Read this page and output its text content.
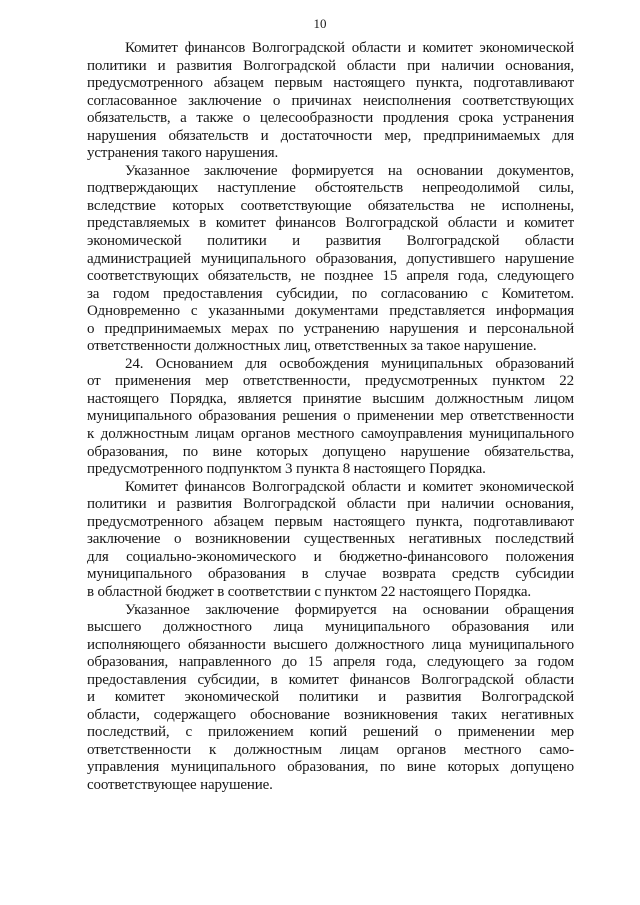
10

Комитет финансов Волгоградской области и комитет экономической
политики и развития Волгоградской области при наличии основания,
предусмотренного абзацем первым настоящего пункта, подготавливают
согласованное заключение о причинах неисполнения соответствующих
обязательств, а также о целесообразности продления срока устранения
нарушения обязательств и достаточности мер, предпринимаемых для
устранения такого нарушения.

Указанное заключение формируется на основании документов,
подтверждающих наступление обстоятельств непреодолимой силы,
вследствие которых соответствующие обязательства не исполнены,
представляемых в комитет финансов Волгоградской области и комитет
экономической политики и развития Волгоградской области
администрацией муниципального образования, допустившего нарушение
соответствующих обязательств, не позднее 15 апреля года, следующего
за годом предоставления субсидии, по согласованию с Комитетом.
Одновременно с указанными документами представляется информация
о предпринимаемых мерах по устранению нарушения и персональной
ответственности должностных лиц, ответственных за такое нарушение.

24. Основанием для освобождения муниципальных образований
от применения мер ответственности, предусмотренных пунктом 22
настоящего Порядка, является принятие высшим должностным лицом
муниципального образования решения о применении мер ответственности
к должностным лицам органов местного самоуправления муниципального
образования, по вине которых допущено нарушение обязательства,
предусмотренного подпунктом 3 пункта 8 настоящего Порядка.

Комитет финансов Волгоградской области и комитет экономической
политики и развития Волгоградской области при наличии основания,
предусмотренного абзацем первым настоящего пункта, подготавливают
заключение о возникновении существенных негативных последствий
для социально-экономического и бюджетно-финансового положения
муниципального образования в случае возврата средств субсидии
в областной бюджет в соответствии с пунктом 22 настоящего Порядка.

Указанное заключение формируется на основании обращения
высшего должностного лица муниципального образования или
исполняющего обязанности высшего должностного лица муниципального
образования, направленного до 15 апреля года, следующего за годом
предоставления субсидии, в комитет финансов Волгоградской области
и комитет экономической политики и развития Волгоградской
области, содержащего обоснование возникновения таких негативных
последствий, с приложением копий решений о применении мер
ответственности к должностным лицам органов местного само-
управления муниципального образования, по вине которых допущено
соответствующее нарушение.
